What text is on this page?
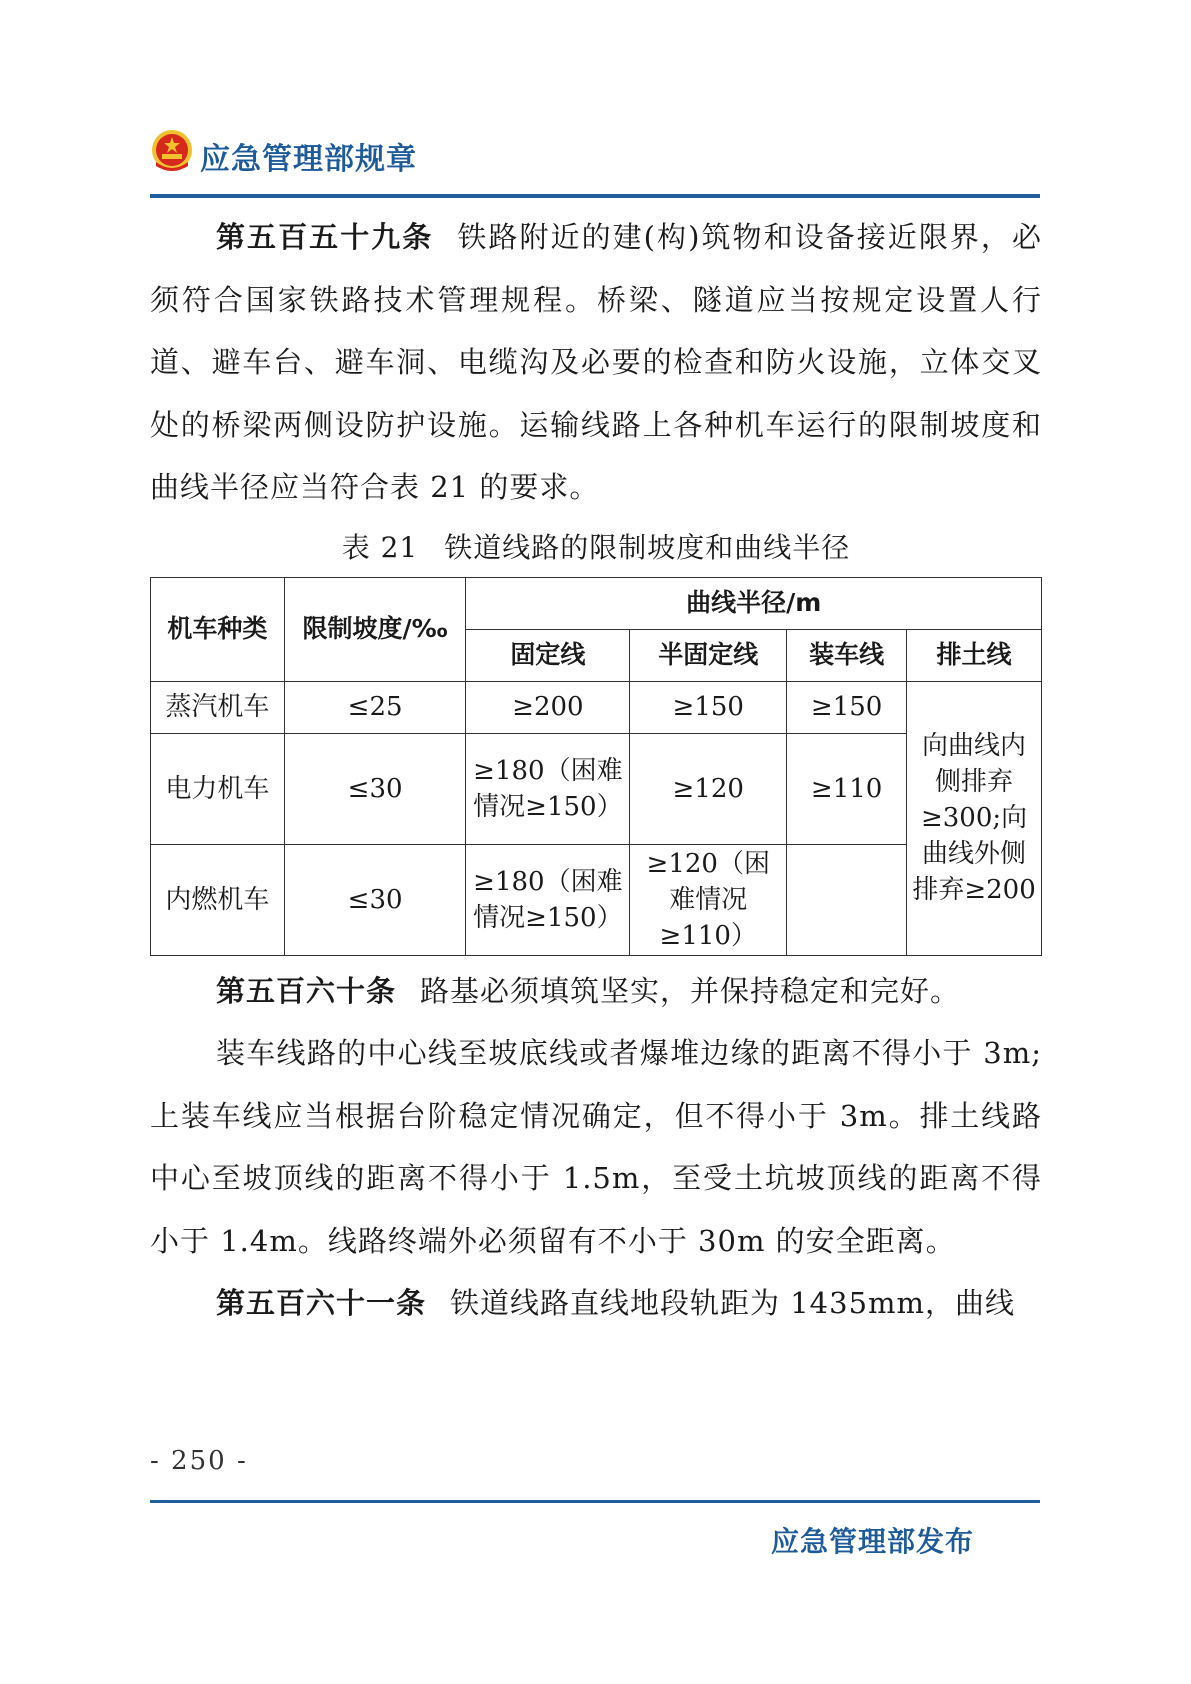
应急管理部规章

第五百五十九条 铁路附近的建(构)筑物和设备接近限界，必须符合国家铁路技术管理规程。桥梁、隧道应当按规定设置人行道、避车台、避车洞、电缆沟及必要的检查和防火设施，立体交叉处的桥梁两侧设防护设施。运输线路上各种机车运行的限制坡度和曲线半径应当符合表 21 的要求。

表 21 铁道线路的限制坡度和曲线半径

机车种类	限制坡度/‰	曲线半径/m			
		固定线	半固定线	装车线	排土线
蒸汽机车	≤25	≥200	≥150	≥150	向曲线内侧排弃≥300;向曲线外侧排弃≥200
电力机车	≤30	≥180（困难情况≥150）	≥120	≥110	
内燃机车	≤30	≥180（困难情况≥150）	≥120（困难情况≥110）		

第五百六十条 路基必须填筑坚实，并保持稳定和完好。

装车线路的中心线至坡底线或者爆堆边缘的距离不得小于 3m; 上装车线应当根据台阶稳定情况确定，但不得小于 3m。排土线路中心至坡顶线的距离不得小于 1.5m，至受土坑坡顶线的距离不得小于 1.4m。线路终端外必须留有不小于 30m 的安全距离。

第五百六十一条 铁道线路直线地段轨距为 1435mm，曲线

- 250 -
应急管理部发布
